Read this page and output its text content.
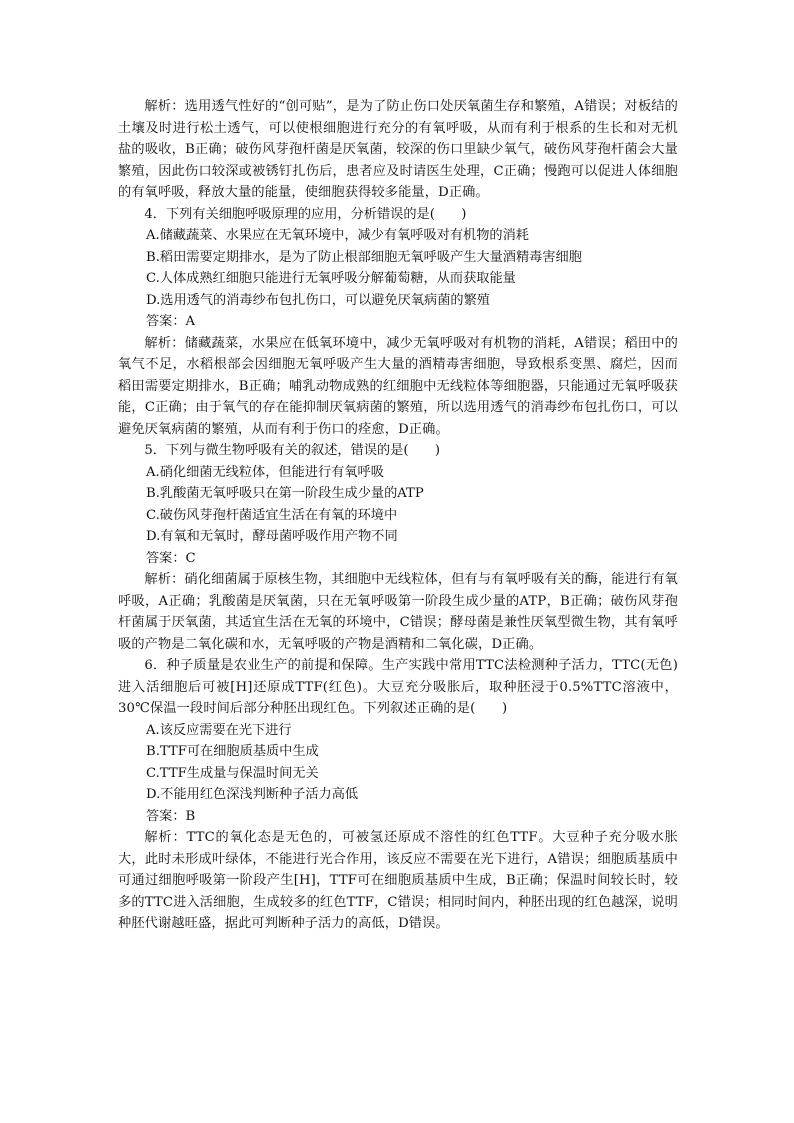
解析：选用透气性好的“创可贴”，是为了防止伤口处厌氧菌生存和繁殖，A错误；对板结的土壤及时进行松土透气，可以使根细胞进行充分的有氧呼吸，从而有利于根系的生长和对无机盐的吸收，B正确；破伤风芽孢杆菌是厌氧菌，较深的伤口里缺少氧气，破伤风芽孢杆菌会大量繁殖，因此伤口较深或被锈钉扎伤后，患者应及时请医生处理，C正确；慢跑可以促进人体细胞的有氧呼吸，释放大量的能量，使细胞获得较多能量，D正确。

4．下列有关细胞呼吸原理的应用，分析错误的是(　　)

A.储藏蔬菜、水果应在无氧环境中，减少有氧呼吸对有机物的消耗

B.稻田需要定期排水，是为了防止根部细胞无氧呼吸产生大量酒精毒害细胞

C.人体成熟红细胞只能进行无氧呼吸分解葡萄糖，从而获取能量

D.选用透气的消毒纱布包扎伤口，可以避免厌氧病菌的繁殖

答案：A

解析：储藏蔬菜，水果应在低氧环境中，减少无氧呼吸对有机物的消耗，A错误；稻田中的氧气不足，水稻根部会因细胞无氧呼吸产生大量的酒精毒害细胞，导致根系变黑、腐烂，因而稻田需要定期排水，B正确；哺乳动物成熟的红细胞中无线粒体等细胞器，只能通过无氧呼吸获能，C正确；由于氧气的存在能抑制厌氧病菌的繁殖，所以选用透气的消毒纱布包扎伤口，可以避免厌氧病菌的繁殖，从而有利于伤口的痊愈，D正确。

5．下列与微生物呼吸有关的叙述，错误的是(　　)

A.硝化细菌无线粒体，但能进行有氧呼吸

B.乳酸菌无氧呼吸只在第一阶段生成少量的ATP

C.破伤风芽孢杆菌适宜生活在有氧的环境中

D.有氧和无氧时，酵母菌呼吸作用产物不同

答案：C

解析：硝化细菌属于原核生物，其细胞中无线粒体，但有与有氧呼吸有关的酶，能进行有氧呼吸，A正确；乳酸菌是厌氧菌，只在无氧呼吸第一阶段生成少量的ATP，B正确；破伤风芽孢杆菌属于厌氧菌，其适宜生活在无氧的环境中，C错误；酵母菌是兼性厌氧型微生物，其有氧呼吸的产物是二氧化碳和水，无氧呼吸的产物是酒精和二氧化碳，D正确。

6．种子质量是农业生产的前提和保障。生产实践中常用TTC法检测种子活力，TTC(无色)进入活细胞后可被[H]还原成TTF(红色)。大豆充分吸胀后，取种胚浸于0.5%TTC溶液中，30℃保温一段时间后部分种胚出现红色。下列叙述正确的是(　　)

A.该反应需要在光下进行

B.TTF可在细胞质基质中生成

C.TTF生成量与保温时间无关

D.不能用红色深浅判断种子活力高低

答案：B

解析：TTC的氧化态是无色的，可被氢还原成不溶性的红色TTF。大豆种子充分吸水胀大，此时未形成叶绿体，不能进行光合作用，该反应不需要在光下进行，A错误；细胞质基质中可通过细胞呼吸第一阶段产生[H]，TTF可在细胞质基质中生成，B正确；保温时间较长时，较多的TTC进入活细胞，生成较多的红色TTF，C错误；相同时间内，种胚出现的红色越深，说明种胚代谢越旺盛，据此可判断种子活力的高低，D错误。
